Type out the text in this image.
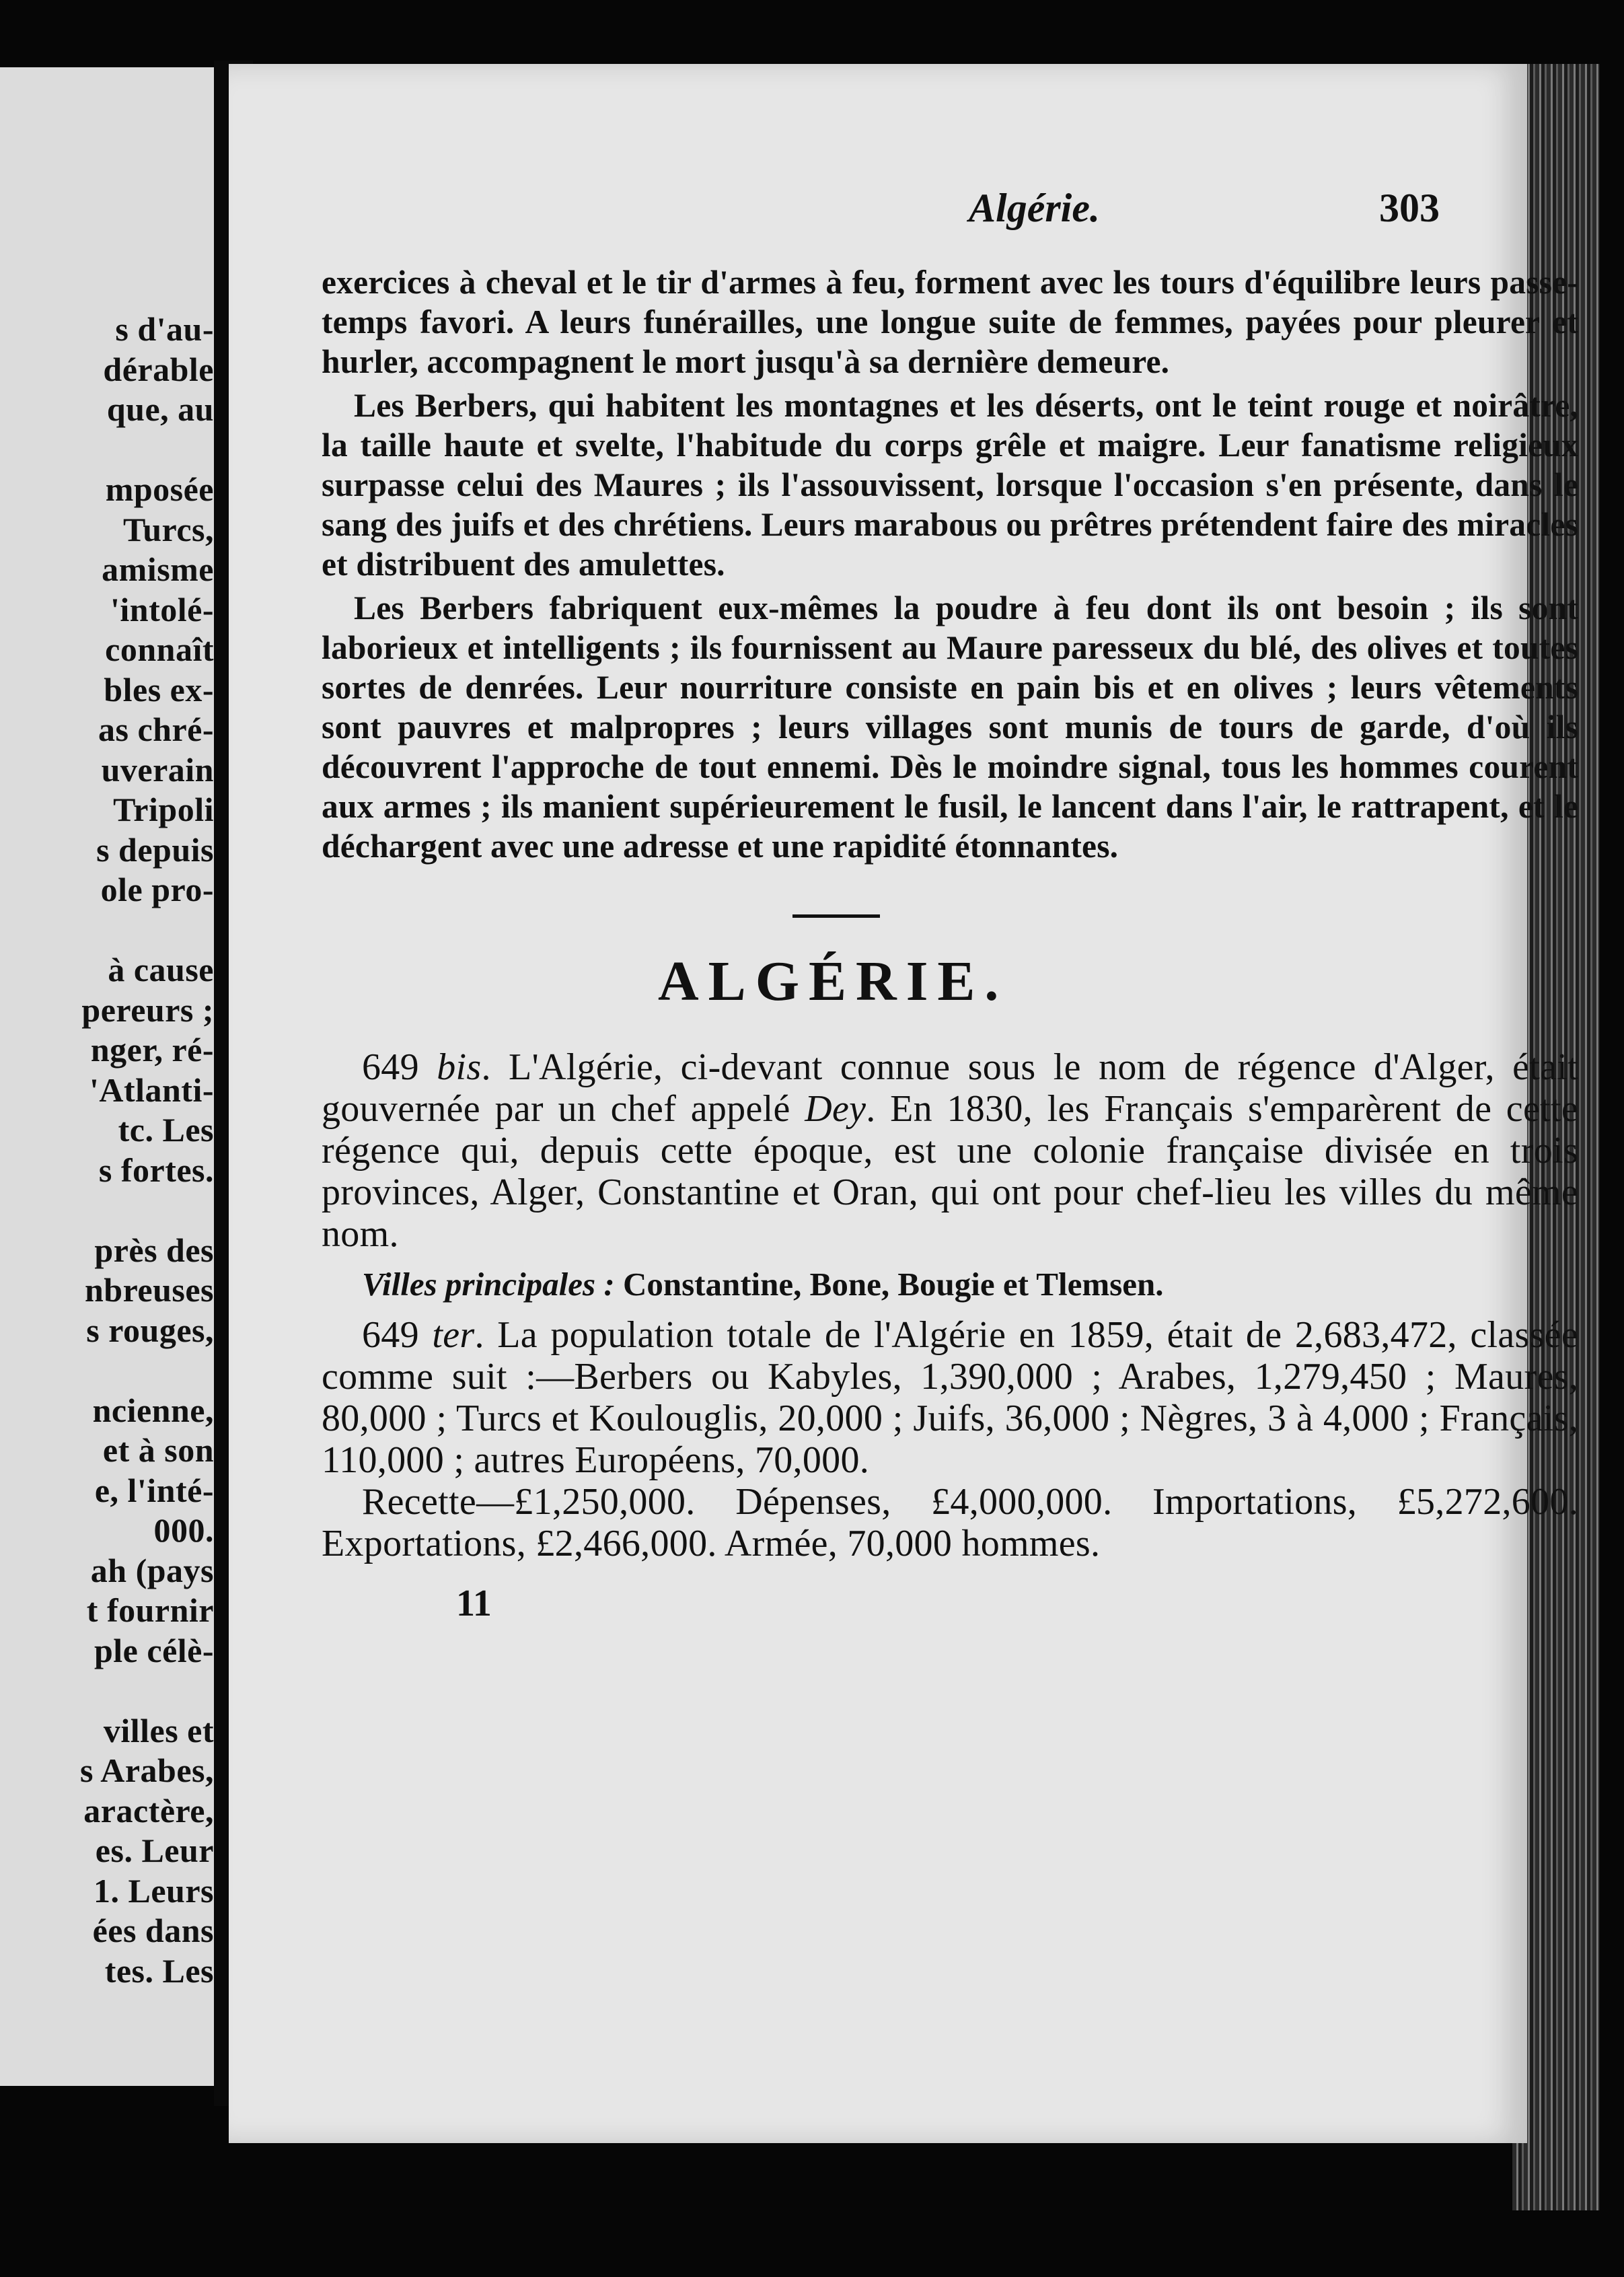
s d'au-
dérable
que, au
mposée
Turcs,
amisme
'intolé-
connaît
bles ex-
as chré-
uverain
Tripoli
s depuis
ole pro-
à cause
pereurs ;
nger, ré-
'Atlanti-
tc. Les
s fortes.
près des
nbreuses
s rouges,
ncienne,
et à son
e, l'inté-
000.
ah (pays
t fournir
ple célè-
villes et
s Arabes,
aractère,
es. Leur
1. Leurs
ées dans
tes. Les
Algérie.	303

exercices à cheval et le tir d'armes à feu, forment avec les tours d'équilibre leurs passe-temps favori. A leurs funérailles, une longue suite de femmes, payées pour pleurer et hurler, accompagnent le mort jusqu'à sa dernière demeure.

Les Berbers, qui habitent les montagnes et les déserts, ont le teint rouge et noirâtre, la taille haute et svelte, l'habitude du corps grêle et maigre. Leur fanatisme religieux surpasse celui des Maures ; ils l'assouvissent, lorsque l'occasion s'en présente, dans le sang des juifs et des chrétiens. Leurs marabous ou prêtres prétendent faire des miracles et distribuent des amulettes.

Les Berbers fabriquent eux-mêmes la poudre à feu dont ils ont besoin ; ils sont laborieux et intelligents ; ils fournissent au Maure paresseux du blé, des olives et toutes sortes de denrées. Leur nourriture consiste en pain bis et en olives ; leurs vêtements sont pauvres et malpropres ; leurs villages sont munis de tours de garde, d'où ils découvrent l'approche de tout ennemi. Dès le moindre signal, tous les hommes courent aux armes ; ils manient supérieurement le fusil, le lancent dans l'air, le rattrapent, et le déchargent avec une adresse et une rapidité étonnantes.

ALGÉRIE.

649 bis. L'Algérie, ci-devant connue sous le nom de régence d'Alger, était gouvernée par un chef appelé Dey. En 1830, les Français s'emparèrent de cette régence qui, depuis cette époque, est une colonie française divisée en trois provinces, Alger, Constantine et Oran, qui ont pour chef-lieu les villes du même nom.

Villes principales : Constantine, Bone, Bougie et Tlemsen.

649 ter. La population totale de l'Algérie en 1859, était de 2,683,472, classée comme suit :—Berbers ou Kabyles, 1,390,000 ; Arabes, 1,279,450 ; Maures, 80,000 ; Turcs et Koulouglis, 20,000 ; Juifs, 36,000 ; Nègres, 3 à 4,000 ; Français, 110,000 ; autres Européens, 70,000.

Recette—£1,250,000. Dépenses, £4,000,000. Importations, £5,272,600. Exportations, £2,466,000. Armée, 70,000 hommes.

11
